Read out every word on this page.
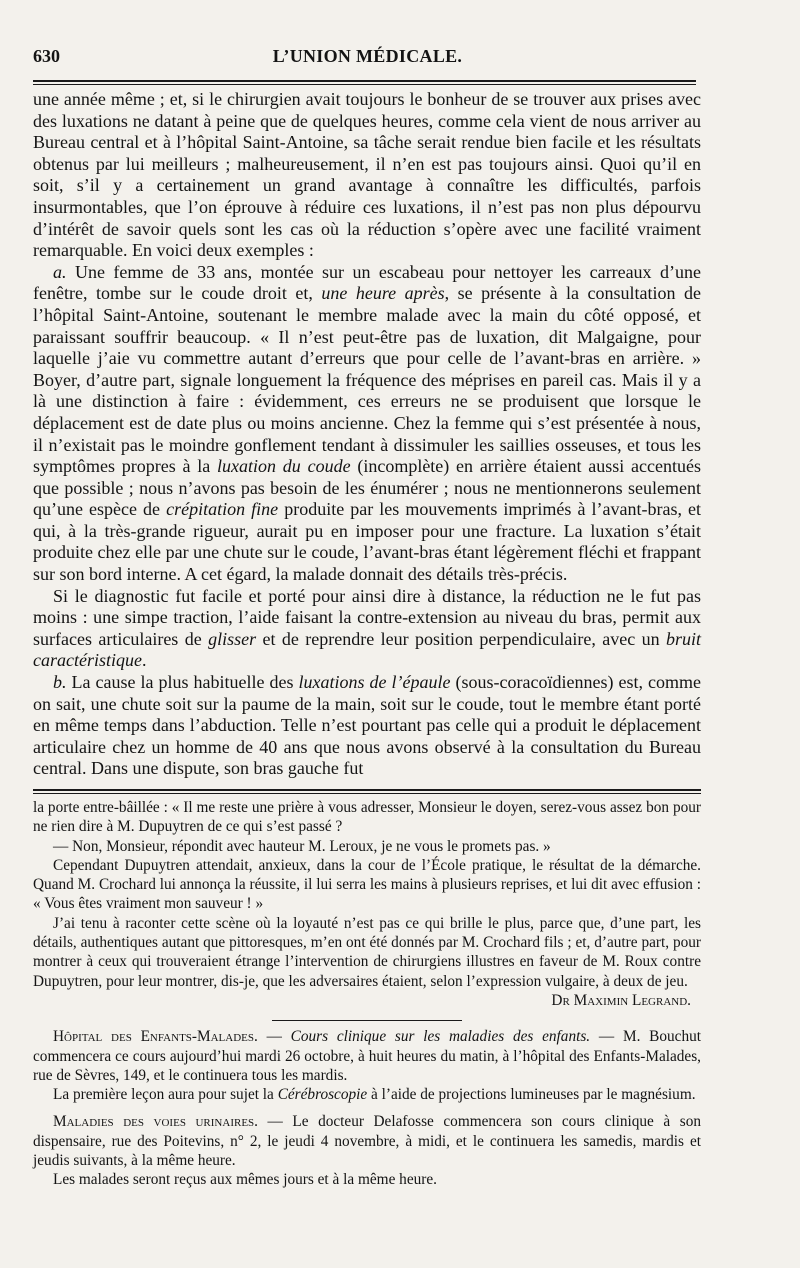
630	L’UNION MÉDICALE.

une année même ; et, si le chirurgien avait toujours le bonheur de se trouver aux prises avec des luxations ne datant à peine que de quelques heures, comme cela vient de nous arriver au Bureau central et à l’hôpital Saint-Antoine, sa tâche serait rendue bien facile et les résultats obtenus par lui meilleurs ; malheureusement, il n’en est pas toujours ainsi. Quoi qu’il en soit, s’il y a certainement un grand avantage à connaître les difficultés, parfois insurmontables, que l’on éprouve à réduire ces luxations, il n’est pas non plus dépourvu d’intérêt de savoir quels sont les cas où la réduction s’opère avec une facilité vraiment remarquable. En voici deux exemples :

a. Une femme de 33 ans, montée sur un escabeau pour nettoyer les carreaux d’une fenêtre, tombe sur le coude droit et, une heure après, se présente à la consultation de l’hôpital Saint-Antoine, soutenant le membre malade avec la main du côté opposé, et paraissant souffrir beaucoup. « Il n’est peut-être pas de luxation, dit Malgaigne, pour laquelle j’aie vu commettre autant d’erreurs que pour celle de l’avant-bras en arrière. » Boyer, d’autre part, signale longuement la fréquence des méprises en pareil cas. Mais il y a là une distinction à faire : évidemment, ces erreurs ne se produisent que lorsque le déplacement est de date plus ou moins ancienne. Chez la femme qui s’est présentée à nous, il n’existait pas le moindre gonflement tendant à dissimuler les saillies osseuses, et tous les symptômes propres à la luxation du coude (incomplète) en arrière étaient aussi accentués que possible ; nous n’avons pas besoin de les énumérer ; nous ne mentionnerons seulement qu’une espèce de crépitation fine produite par les mouvements imprimés à l’avant-bras, et qui, à la très-grande rigueur, aurait pu en imposer pour une fracture. La luxation s’était produite chez elle par une chute sur le coude, l’avant-bras étant légèrement fléchi et frappant sur son bord interne. A cet égard, la malade donnait des détails très-précis.

Si le diagnostic fut facile et porté pour ainsi dire à distance, la réduction ne le fut pas moins : une simpe traction, l’aide faisant la contre-extension au niveau du bras, permit aux surfaces articulaires de glisser et de reprendre leur position perpendiculaire, avec un bruit caractéristique.

b. La cause la plus habituelle des luxations de l’épaule (sous-coracoïdiennes) est, comme on sait, une chute soit sur la paume de la main, soit sur le coude, tout le membre étant porté en même temps dans l’abduction. Telle n’est pourtant pas celle qui a produit le déplacement articulaire chez un homme de 40 ans que nous avons observé à la consultation du Bureau central. Dans une dispute, son bras gauche fut

la porte entre-bâillée : « Il me reste une prière à vous adresser, Monsieur le doyen, serez-vous assez bon pour ne rien dire à M. Dupuytren de ce qui s’est passé ?

— Non, Monsieur, répondit avec hauteur M. Leroux, je ne vous le promets pas. »

Cependant Dupuytren attendait, anxieux, dans la cour de l’École pratique, le résultat de la démarche. Quand M. Crochard lui annonça la réussite, il lui serra les mains à plusieurs reprises, et lui dit avec effusion : « Vous êtes vraiment mon sauveur ! »

J’ai tenu à raconter cette scène où la loyauté n’est pas ce qui brille le plus, parce que, d’une part, les détails, authentiques autant que pittoresques, m’en ont été donnés par M. Crochard fils ; et, d’autre part, pour montrer à ceux qui trouveraient étrange l’intervention de chirurgiens illustres en faveur de M. Roux contre Dupuytren, pour leur montrer, dis-je, que les adversaires étaient, selon l’expression vulgaire, à deux de jeu.

Dr Maximin Legrand.

Hôpital des Enfants-Malades. — Cours clinique sur les maladies des enfants. — M. Bouchut commencera ce cours aujourd’hui mardi 26 octobre, à huit heures du matin, à l’hôpital des Enfants-Malades, rue de Sèvres, 149, et le continuera tous les mardis.

La première leçon aura pour sujet la Cérébroscopie à l’aide de projections lumineuses par le magnésium.

Maladies des voies urinaires. — Le docteur Delafosse commencera son cours clinique à son dispensaire, rue des Poitevins, n° 2, le jeudi 4 novembre, à midi, et le continuera les samedis, mardis et jeudis suivants, à la même heure.

Les malades seront reçus aux mêmes jours et à la même heure.
